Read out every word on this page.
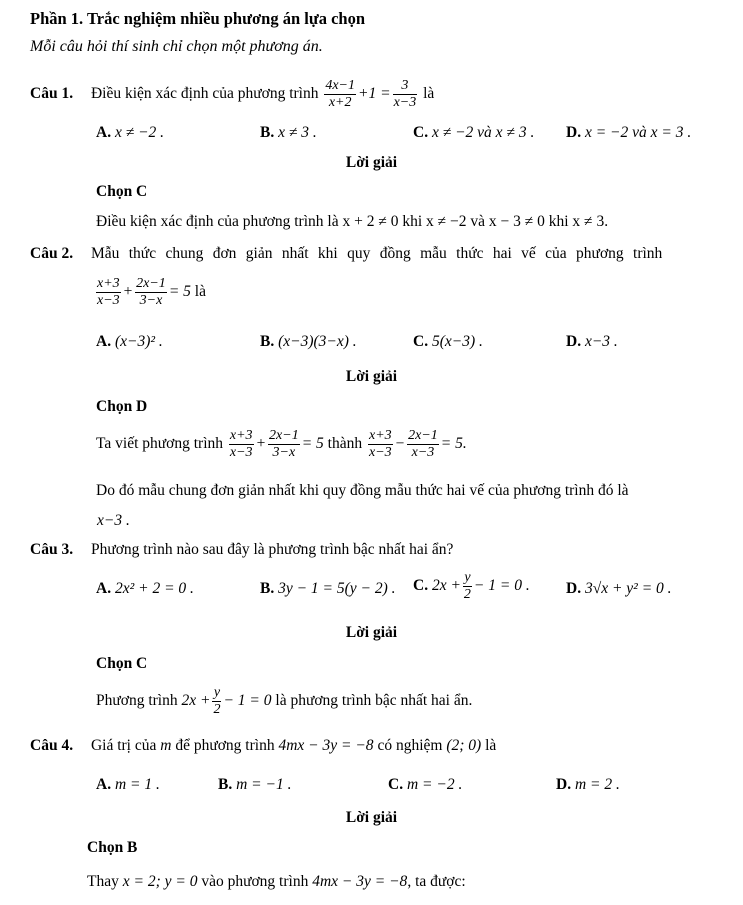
Phần 1. Trắc nghiệm nhiều phương án lựa chọn
Mỗi câu hỏi thí sinh chỉ chọn một phương án.
Câu 1. Điều kiện xác định của phương trình $\frac{4x-1}{x+2} +1 = \frac{3}{x-3}$ là
A. x ≠ −2 .	B. x ≠ 3 .	C. x ≠ −2 và x ≠ 3 . D. x = −2 và x = 3 .
Lời giải
Chọn C
Điều kiện xác định của phương trình là x + 2 ≠ 0 khi x ≠ −2 và x − 3 ≠ 0 khi x ≠ 3.
Câu 2. Mẫu thức chung đơn giản nhất khi quy đồng mẫu thức hai vế của phương trình
$\frac{x+3}{x-3} + \frac{2x-1}{3-x} = 5$ là
A. (x−3)² .	B. (x−3)(3−x) .	C. 5(x−3) .	D. x−3 .
Lời giải
Chọn D
Ta viết phương trình $\frac{x+3}{x-3} + \frac{2x-1}{3-x} = 5$ thành $\frac{x+3}{x-3} - \frac{2x-1}{x-3} = 5$.
Do đó mẫu chung đơn giản nhất khi quy đồng mẫu thức hai vế của phương trình đó là
x−3 .
Câu 3. Phương trình nào sau đây là phương trình bậc nhất hai ẩn?
A. 2x² + 2 = 0 .	B. 3y − 1 = 5(y − 2) . C. $2x + \frac{y}{2} - 1 = 0$ . D. 3√x + y² = 0 .
Lời giải
Chọn C
Phương trình $2x + \frac{y}{2} - 1 = 0$ là phương trình bậc nhất hai ẩn.
Câu 4. Giá trị của m để phương trình 4mx − 3y = −8 có nghiệm (2; 0) là
A. m = 1 .	B. m = −1 .	C. m = −2 .	D. m = 2 .
Lời giải
Chọn B
Thay x = 2; y = 0 vào phương trình 4mx − 3y = −8, ta được:
